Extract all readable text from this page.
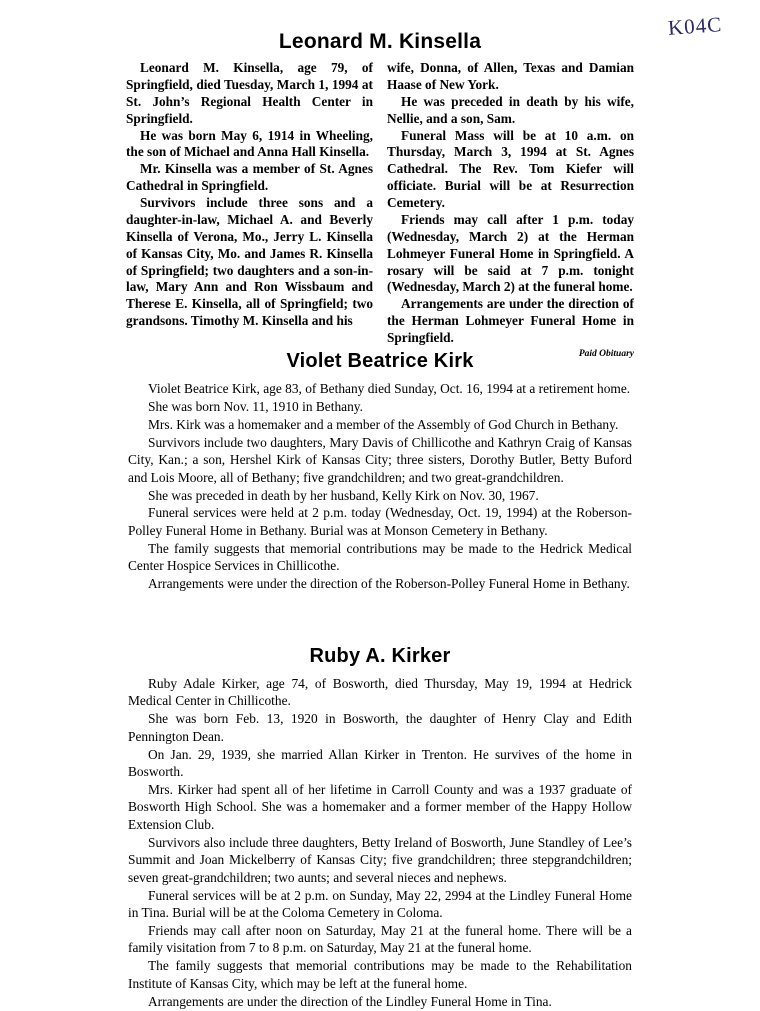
K04C
Leonard M. Kinsella

Leonard M. Kinsella, age 79, of Springfield, died Tuesday, March 1, 1994 at St. John’s Regional Health Center in Springfield.

He was born May 6, 1914 in Wheeling, the son of Michael and Anna Hall Kinsella.

Mr. Kinsella was a member of St. Agnes Cathedral in Springfield.

Survivors include three sons and a daughter-in-law, Michael A. and Beverly Kinsella of Verona, Mo., Jerry L. Kinsella of Kansas City, Mo. and James R. Kinsella of Springfield; two daughters and a son-in-law, Mary Ann and Ron Wissbaum and Therese E. Kinsella, all of Springfield; two grandsons. Timothy M. Kinsella and his

wife, Donna, of Allen, Texas and Damian Haase of New York.

He was preceded in death by his wife, Nellie, and a son, Sam.

Funeral Mass will be at 10 a.m. on Thursday, March 3, 1994 at St. Agnes Cathedral. The Rev. Tom Kiefer will officiate. Burial will be at Resurrection Cemetery.

Friends may call after 1 p.m. today (Wednesday, March 2) at the Herman Lohmeyer Funeral Home in Springfield. A rosary will be said at 7 p.m. tonight (Wednesday, March 2) at the funeral home.

Arrangements are under the direction of the Herman Lohmeyer Funeral Home in Springfield.

Paid Obituary
Violet Beatrice Kirk

Violet Beatrice Kirk, age 83, of Bethany died Sunday, Oct. 16, 1994 at a retirement home.

She was born Nov. 11, 1910 in Bethany.

Mrs. Kirk was a homemaker and a member of the Assembly of God Church in Bethany.

Survivors include two daughters, Mary Davis of Chillicothe and Kathryn Craig of Kansas City, Kan.; a son, Hershel Kirk of Kansas City; three sisters, Dorothy Butler, Betty Buford and Lois Moore, all of Bethany; five grandchildren; and two great-grandchildren.

She was preceded in death by her husband, Kelly Kirk on Nov. 30, 1967.

Funeral services were held at 2 p.m. today (Wednesday, Oct. 19, 1994) at the Roberson-Polley Funeral Home in Bethany. Burial was at Monson Cemetery in Bethany.

The family suggests that memorial contributions may be made to the Hedrick Medical Center Hospice Services in Chillicothe.

Arrangements were under the direction of the Roberson-Polley Funeral Home in Bethany.

Ruby A. Kirker

Ruby Adale Kirker, age 74, of Bosworth, died Thursday, May 19, 1994 at Hedrick Medical Center in Chillicothe.

She was born Feb. 13, 1920 in Bosworth, the daughter of Henry Clay and Edith Pennington Dean.

On Jan. 29, 1939, she married Allan Kirker in Trenton. He survives of the home in Bosworth.

Mrs. Kirker had spent all of her lifetime in Carroll County and was a 1937 graduate of Bosworth High School. She was a homemaker and a former member of the Happy Hollow Extension Club.

Survivors also include three daughters, Betty Ireland of Bosworth, June Standley of Lee’s Summit and Joan Mickelberry of Kansas City; five grandchildren; three stepgrandchildren; seven great-grandchildren; two aunts; and several nieces and nephews.

Funeral services will be at 2 p.m. on Sunday, May 22, 2994 at the Lindley Funeral Home in Tina. Burial will be at the Coloma Cemetery in Coloma.

Friends may call after noon on Saturday, May 21 at the funeral home. There will be a family visitation from 7 to 8 p.m. on Saturday, May 21 at the funeral home.

The family suggests that memorial contributions may be made to the Rehabilitation Institute of Kansas City, which may be left at the funeral home.

Arrangements are under the direction of the Lindley Funeral Home in Tina.
